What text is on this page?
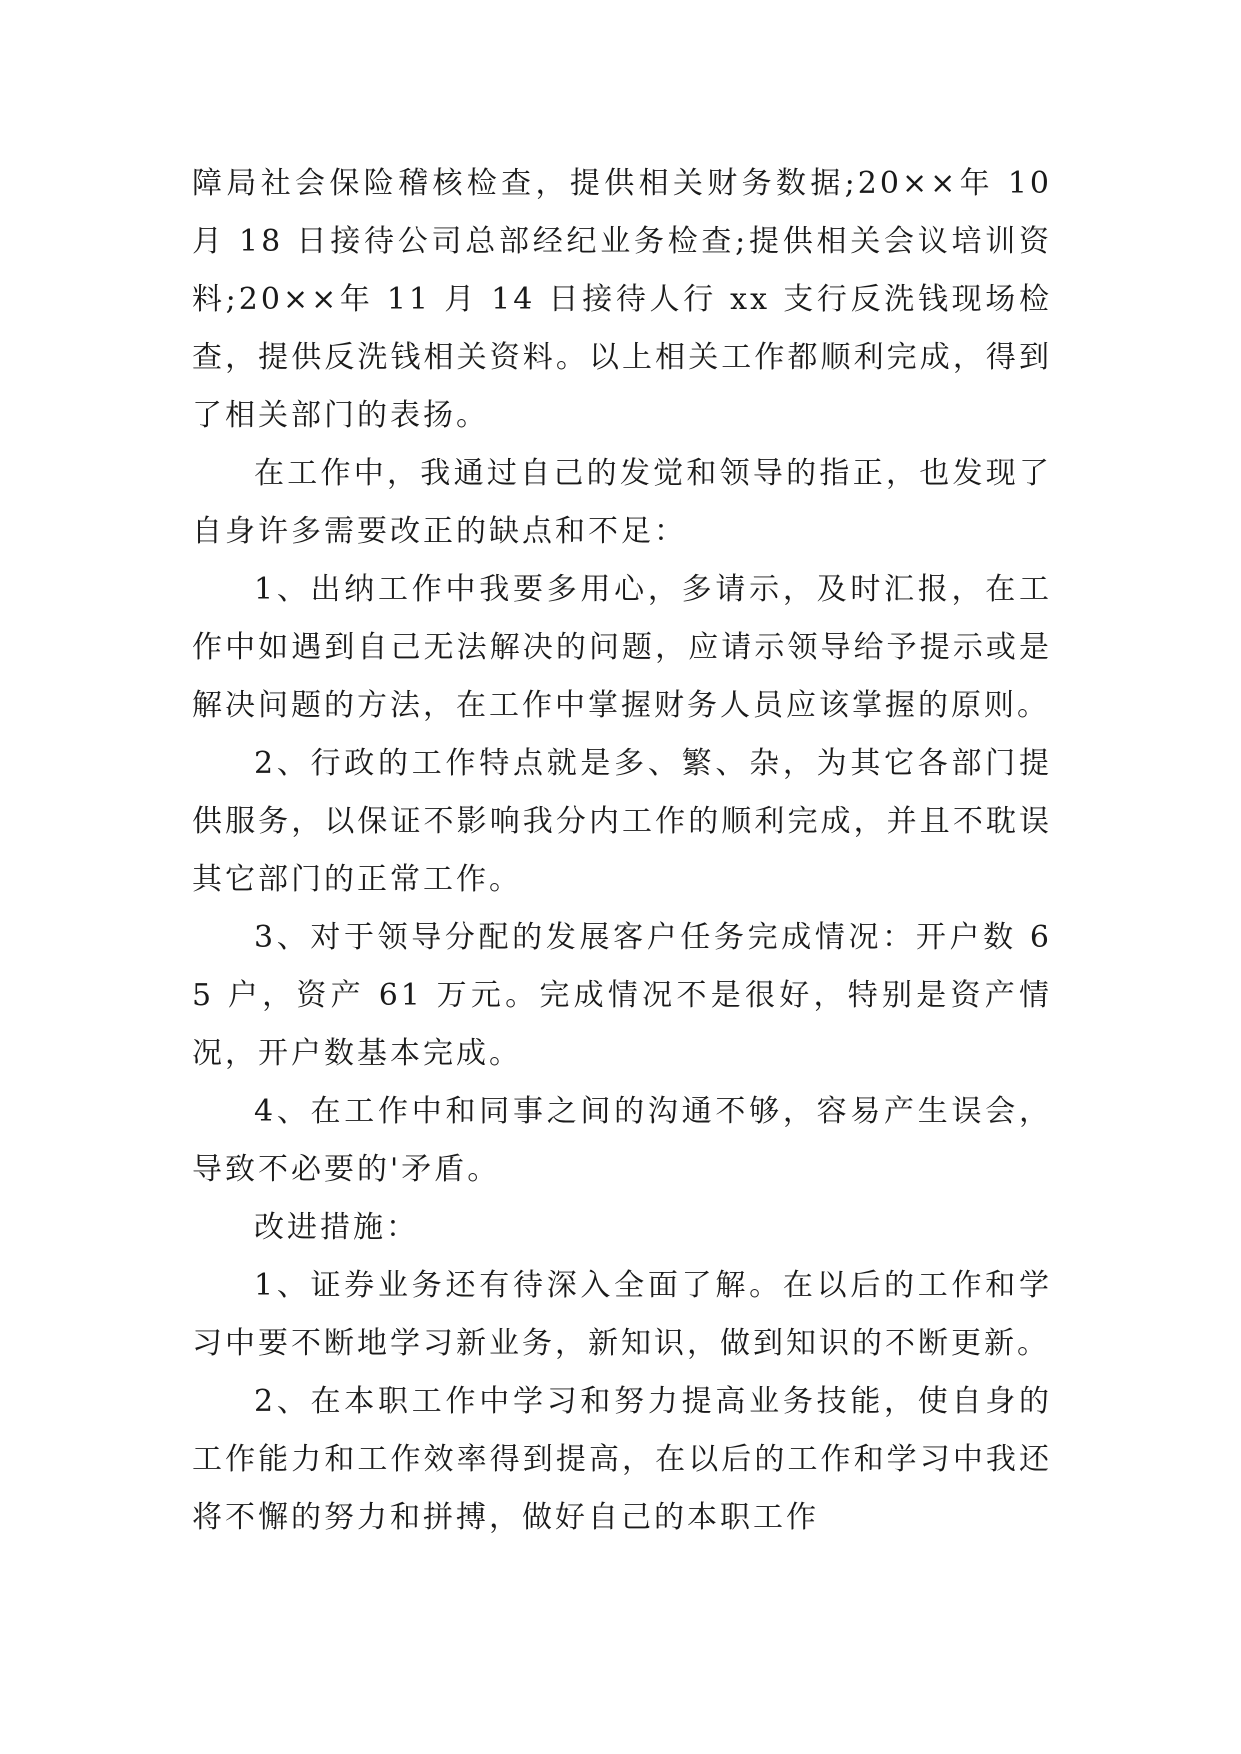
障局社会保险稽核检查，提供相关财务数据;20××年 10 月 18 日接待公司总部经纪业务检查;提供相关会议培训资料;20××年 11 月 14 日接待人行 xx 支行反洗钱现场检查，提供反洗钱相关资料。以上相关工作都顺利完成，得到了相关部门的表扬。

在工作中，我通过自己的发觉和领导的指正，也发现了自身许多需要改正的缺点和不足：

1、出纳工作中我要多用心，多请示，及时汇报，在工作中如遇到自己无法解决的问题，应请示领导给予提示或是解决问题的方法，在工作中掌握财务人员应该掌握的原则。

2、行政的工作特点就是多、繁、杂，为其它各部门提供服务，以保证不影响我分内工作的顺利完成，并且不耽误其它部门的正常工作。

3、对于领导分配的发展客户任务完成情况：开户数 65 户，资产 61 万元。完成情况不是很好，特别是资产情况，开户数基本完成。

4、在工作中和同事之间的沟通不够，容易产生误会，导致不必要的'矛盾。

改进措施：

1、证券业务还有待深入全面了解。在以后的工作和学习中要不断地学习新业务，新知识，做到知识的不断更新。

2、在本职工作中学习和努力提高业务技能，使自身的工作能力和工作效率得到提高，在以后的工作和学习中我还将不懈的努力和拼搏，做好自己的本职工作
